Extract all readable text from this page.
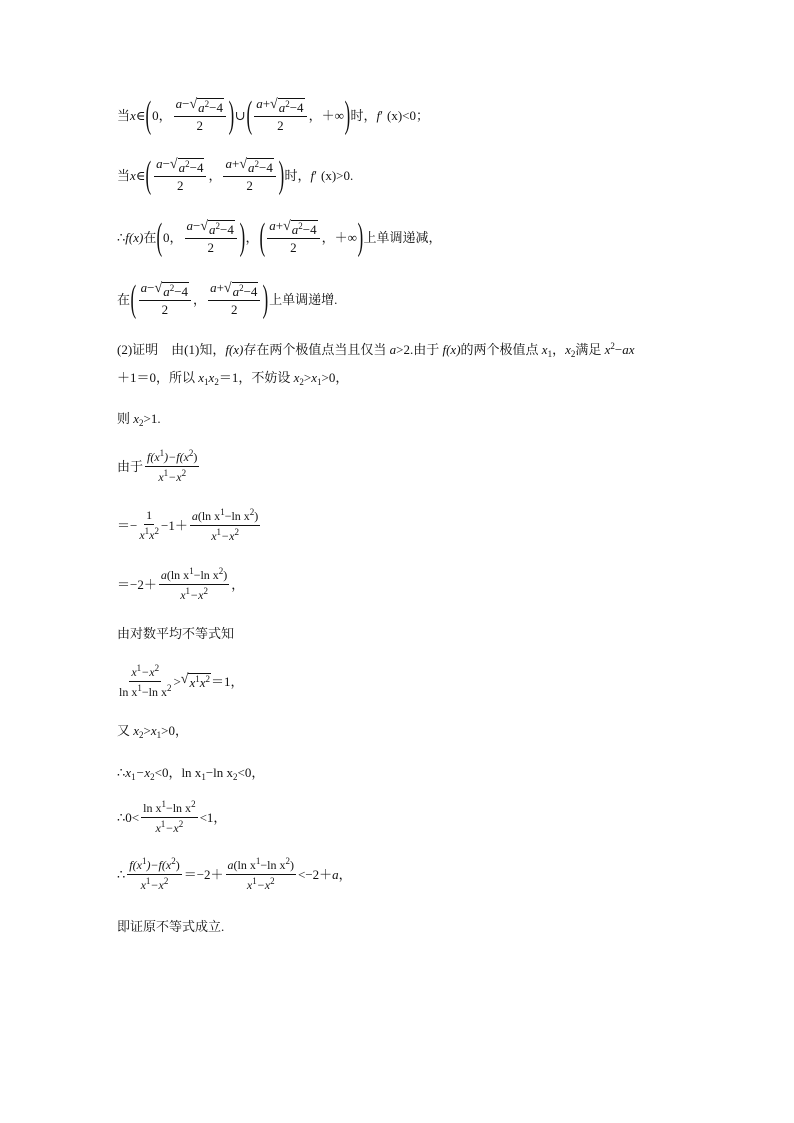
当 x ∈ ( 0， $\frac{a- √ a^2-4}{2}$ ) ∪ ( $\frac{a+ √ a^2-4}{2}$ ，＋∞ ) 时， f ′ (x) <0；
当 x ∈ ( $\frac{a- √ a^2-4}{2}$ ， $\frac{a+ √ a^2-4}{2}$ ) 时， f ′ (x) >0.
∴ f(x) 在 ( 0， $\frac{a- √ a^2-4}{2}$ ) ， ( $\frac{a+ √ a^2-4}{2}$ ，＋∞ ) 上单调递减，
在 ( $\frac{a- √ a^2-4}{2}$ ， $\frac{a+ √ a^2-4}{2}$ ) 上单调递增.
(2)证明　由(1)知，f(x)存在两个极值点当且仅当 a>2.由于 f(x)的两个极值点 $x_1$，$x_2$满足 $x^2-ax$
＋1＝0，所以 $x_1x_2=1$，不妨设 $x_2>x_1>0$，
则 $x_2>1$.
由于 $\frac{f(x^1)-f(x^2)}{x^1-x^2}$
＝− $\frac{1}{x^1x^2} -1+ \frac{a(\ln x^1-\ln x^2)}{x^1-x^2}$
$=-2+ \frac{a(\ln x^1-\ln x^2)}{x^1-x^2}$ ，
由对数平均不等式知
$\frac{x^1-x^2}{\ln x^1-\ln x^2}$ > √ $x^1x^2 =1$，
又 $x_2>x_1>0$，
$\therefore x_1-x_2<0$，$\ln x_1-\ln$ $x_2<0$，
∴0< $\frac{\ln x^1-\ln x^2}{x^1-x^2} <1$，
∴ $\frac{f(x^1)-f(x^2)}{x^1-x^2} =-2+ \frac{a(\ln x^1-\ln x^2)}{x^1-x^2} <-2+ a$ ，
即证原不等式成立.
